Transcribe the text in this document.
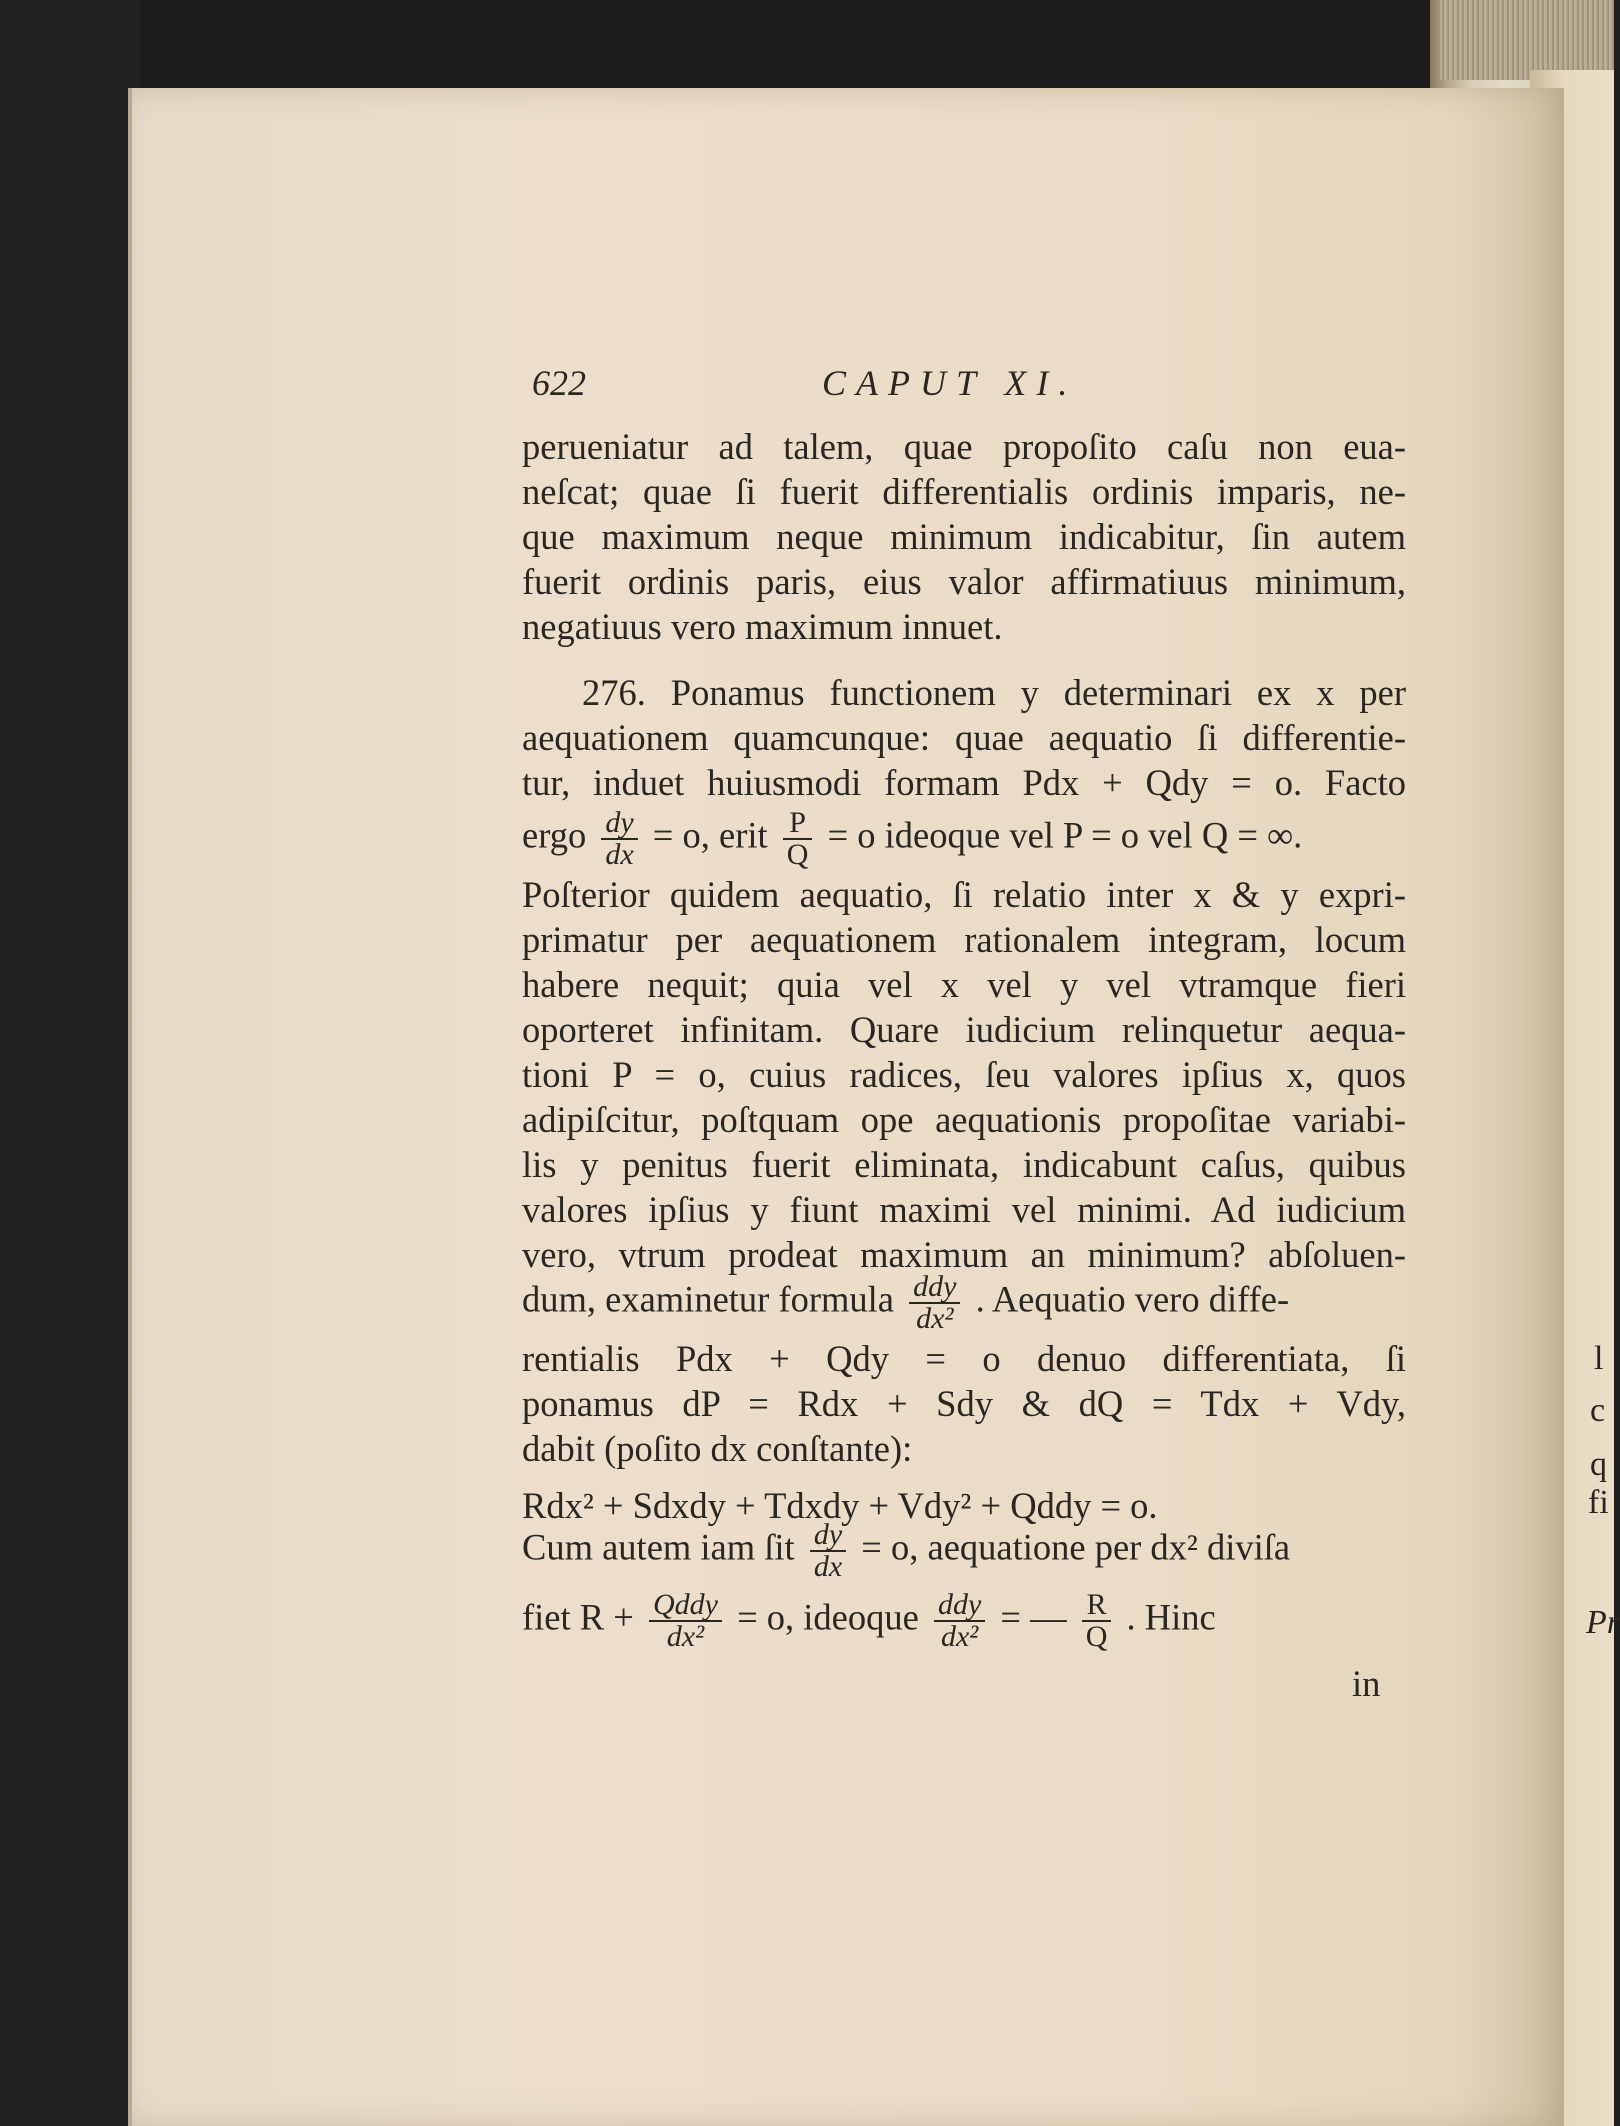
l
c
q
fi
Pr
622	CAPUT XI.
perueniatur ad talem, quae propoſito caſu non eua-
neſcat; quae ſi fuerit differentialis ordinis imparis, ne-
que maximum neque minimum indicabitur, ſin autem
fuerit ordinis paris, eius valor affirmatiuus minimum,
negatiuus vero maximum innuet.
276. Ponamus functionem y determinari ex x per
aequationem quamcunque: quae aequatio ſi differentie-
tur, induet huiusmodi formam Pdx + Qdy = o. Facto
ergo $\frac{dy}{dx} = o$, erit $\frac{P}{Q} = o$ ideoque vel P = o vel Q = ∞.
Poſterior quidem aequatio, ſi relatio inter x & y expri-
primatur per aequationem rationalem integram, locum
habere nequit; quia vel x vel y vel vtramque fieri
oporteret infinitam. Quare iudicium relinquetur aequa-
tioni P = o, cuius radices, ſeu valores ipſius x, quos
adipiſcitur, poſtquam ope aequationis propoſitae variabi-
lis y penitus fuerit eliminata, indicabunt caſus, quibus
valores ipſius y fiunt maximi vel minimi. Ad iudicium
vero, vtrum prodeat maximum an minimum? abſoluen-
dum, examinetur formula $\frac{\text{ddy}}{\text{dx²}}$ . Aequatio vero diffe-
rentialis Pdx + Qdy = o denuo differentiata, ſi
ponamus dP = Rdx + Sdy & dQ = Tdx + Vdy,
dabit (poſito dx conſtante):
Rdx² + Sdxdy + Tdxdy + Vdy² + Qddy = o.
Cum autem iam ſit $\frac{dy}{dx} = o$, aequatione per dx² diviſa
fiet $R + \frac{\text{Qddy}}{\text{dx²}} = o$, ideoque $\frac{\text{ddy}}{\text{dx²}}$ = — $\frac{R}{Q}$ . Hinc
in
